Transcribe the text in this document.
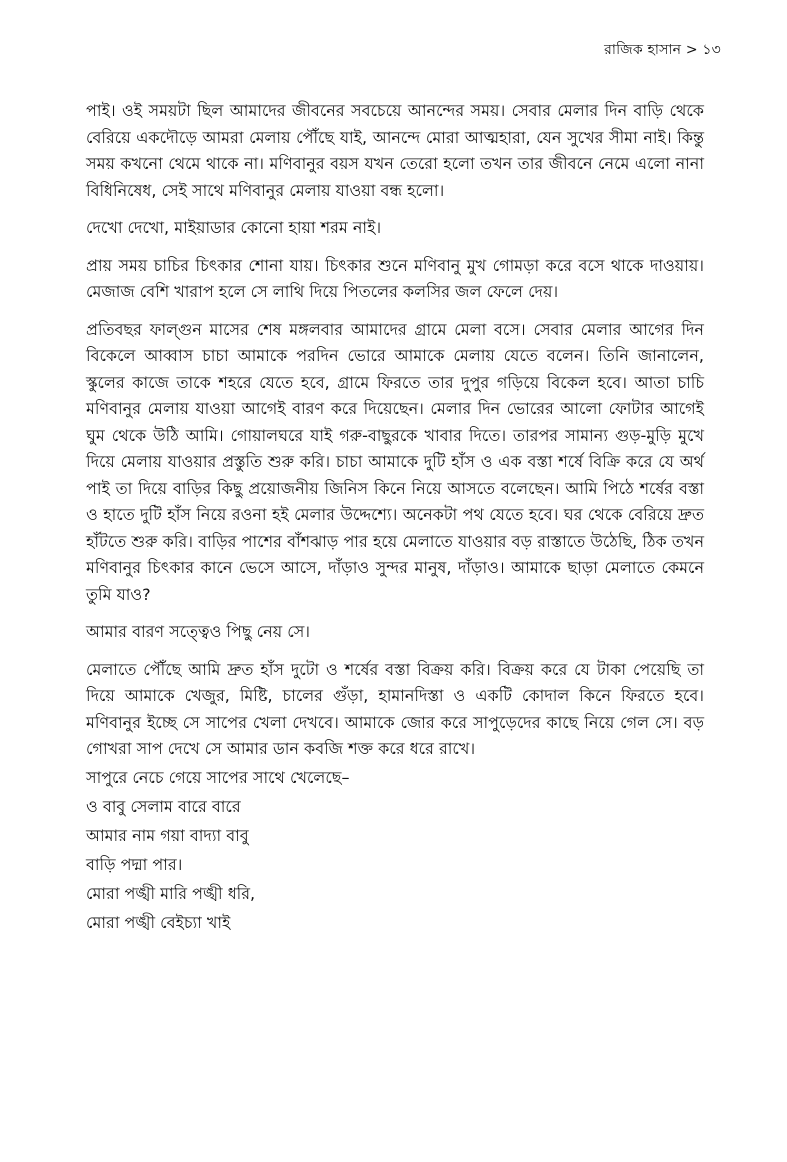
রাজিক হাসান > ১৩

পাই। ওই সময়টা ছিল আমাদের জীবনের সবচেয়ে আনন্দের সময়। সেবার মেলার দিন বাড়ি থেকে বেরিয়ে একদৌড়ে আমরা মেলায় পৌঁছে যাই, আনন্দে মোরা আত্মহারা, যেন সুখের সীমা নাই। কিন্তু সময় কখনো থেমে থাকে না। মণিবানুর বয়স যখন তেরো হলো তখন তার জীবনে নেমে এলো নানা বিধিনিষেধ, সেই সাথে মণিবানুর মেলায় যাওয়া বন্ধ হলো।

দেখো দেখো, মাইয়াডার কোনো হায়া শরম নাই।

প্রায় সময় চাচির চিৎকার শোনা যায়। চিৎকার শুনে মণিবানু মুখ গোমড়া করে বসে থাকে দাওয়ায়। মেজাজ বেশি খারাপ হলে সে লাথি দিয়ে পিতলের কলসির জল ফেলে দেয়।

প্রতিবছর ফাল্গুন মাসের শেষ মঙ্গলবার আমাদের গ্রামে মেলা বসে। সেবার মেলার আগের দিন বিকেলে আব্বাস চাচা আমাকে পরদিন ভোরে আমাকে মেলায় যেতে বলেন। তিনি জানালেন, স্কুলের কাজে তাকে শহরে যেতে হবে, গ্রামে ফিরতে তার দুপুর গড়িয়ে বিকেল হবে। আতা চাচি মণিবানুর মেলায় যাওয়া আগেই বারণ করে দিয়েছেন। মেলার দিন ভোরের আলো ফোটার আগেই ঘুম থেকে উঠি আমি। গোয়ালঘরে যাই গরু-বাছুরকে খাবার দিতে। তারপর সামান্য গুড়-মুড়ি মুখে দিয়ে মেলায় যাওয়ার প্রস্তুতি শুরু করি। চাচা আমাকে দুটি হাঁস ও এক বস্তা শর্ষে বিক্রি করে যে অর্থ পাই তা দিয়ে বাড়ির কিছু প্রয়োজনীয় জিনিস কিনে নিয়ে আসতে বলেছেন। আমি পিঠে শর্ষের বস্তা ও হাতে দুটি হাঁস নিয়ে রওনা হই মেলার উদ্দেশ্যে। অনেকটা পথ যেতে হবে। ঘর থেকে বেরিয়ে দ্রুত হাঁটতে শুরু করি। বাড়ির পাশের বাঁশঝাড় পার হয়ে মেলাতে যাওয়ার বড় রাস্তাতে উঠেছি, ঠিক তখন মণিবানুর চিৎকার কানে ভেসে আসে, দাঁড়াও সুন্দর মানুষ, দাঁড়াও। আমাকে ছাড়া মেলাতে কেমনে তুমি যাও?

আমার বারণ সত্ত্বেও পিছু নেয় সে।

মেলাতে পৌঁছে আমি দ্রুত হাঁস দুটো ও শর্ষের বস্তা বিক্রয় করি। বিক্রয় করে যে টাকা পেয়েছি তা দিয়ে আমাকে খেজুর, মিষ্টি, চালের গুঁড়া, হামানদিস্তা ও একটি কোদাল কিনে ফিরতে হবে। মণিবানুর ইচ্ছে সে সাপের খেলা দেখবে। আমাকে জোর করে সাপুড়েদের কাছে নিয়ে গেল সে। বড় গোখরা সাপ দেখে সে আমার ডান কবজি শক্ত করে ধরে রাখে।

সাপুরে নেচে গেয়ে সাপের সাথে খেলেছে–
ও বাবু সেলাম বারে বারে
আমার নাম গয়া বাদ্যা বাবু
বাড়ি পদ্মা পার।
মোরা পঙ্খী মারি পঙ্খী ধরি,
মোরা পঙ্খী বেইচ্যা খাই
